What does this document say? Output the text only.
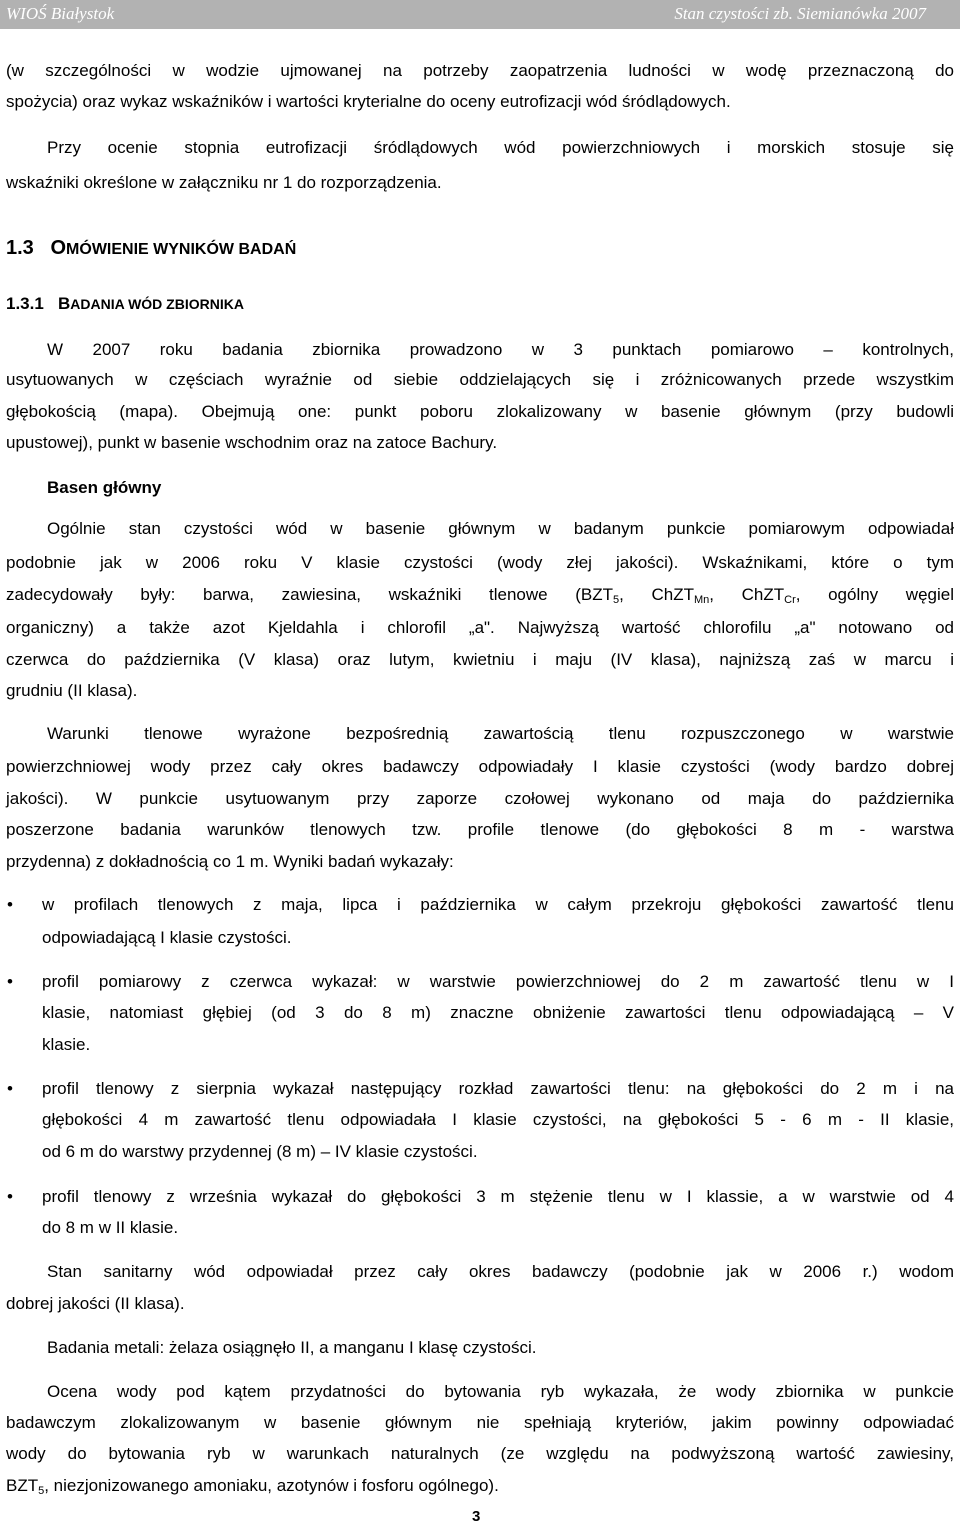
WIOŚ Białystok	Stan czystości zb. Siemianówka 2007
(w szczególności w wodzie ujmowanej na potrzeby zaopatrzenia ludności w wodę przeznaczoną do
spożycia) oraz wykaz wskaźników i wartości kryterialne do oceny eutrofizacji wód śródlądowych.
Przy ocenie stopnia eutrofizacji śródlądowych wód powierzchniowych i morskich stosuje się
wskaźniki określone w załączniku nr 1 do rozporządzenia.
1.3 OMÓWIENIE WYNIKÓW BADAŃ
1.3.1 BADANIA WÓD ZBIORNIKA
W 2007 roku badania zbiornika prowadzono w 3 punktach pomiarowo – kontrolnych,
usytuowanych w częściach wyraźnie od siebie oddzielających się i zróżnicowanych przede wszystkim
głębokością (mapa). Obejmują one: punkt poboru zlokalizowany w basenie głównym (przy budowli
upustowej), punkt w basenie wschodnim oraz na zatoce Bachury.
Basen główny
Ogólnie stan czystości wód w basenie głównym w badanym punkcie pomiarowym odpowiadał
podobnie jak w 2006 roku V klasie czystości (wody złej jakości). Wskaźnikami, które o tym
zadecydowały były: barwa, zawiesina, wskaźniki tlenowe ($BZT_5$, ChZT$_{Mn}$, ChZT$_{Cr}$, ogólny węgiel
organiczny) a także azot Kjeldahla i chlorofil „a". Najwyższą wartość chlorofilu „a" notowano od
czerwca do października (V klasa) oraz lutym, kwietniu i maju (IV klasa), najniższą zaś w marcu i
grudniu (II klasa).
Warunki tlenowe wyrażone bezpośrednią zawartością tlenu rozpuszczonego w warstwie
powierzchniowej wody przez cały okres badawczy odpowiadały I klasie czystości (wody bardzo dobrej
jakości). W punkcie usytuowanym przy zaporze czołowej wykonano od maja do października
poszerzone badania warunków tlenowych tzw. profile tlenowe (do głębokości 8 m - warstwa
przydenna) z dokładnością co 1 m. Wyniki badań wykazały:
• w profilach tlenowych z maja, lipca i października w całym przekroju głębokości zawartość tlenu
odpowiadającą I klasie czystości.
• profil pomiarowy z czerwca wykazał: w warstwie powierzchniowej do 2 m zawartość tlenu w I
klasie, natomiast głębiej (od 3 do 8 m) znaczne obniżenie zawartości tlenu odpowiadającą – V
klasie.
• profil tlenowy z sierpnia wykazał następujący rozkład zawartości tlenu: na głębokości do 2 m i na
głębokości 4 m zawartość tlenu odpowiadała I klasie czystości, na głębokości 5 - 6 m - II klasie,
od 6 m do warstwy przydennej (8 m) – IV klasie czystości.
• profil tlenowy z września wykazał do głębokości 3 m stężenie tlenu w I klassie, a w warstwie od 4
do 8 m w II klasie.
Stan sanitarny wód odpowiadał przez cały okres badawczy (podobnie jak w 2006 r.) wodom
dobrej jakości (II klasa).
Badania metali: żelaza osiągnęło II, a manganu I klasę czystości.
Ocena wody pod kątem przydatności do bytowania ryb wykazała, że wody zbiornika w punkcie
badawczym zlokalizowanym w basenie głównym nie spełniają kryteriów, jakim powinny odpowiadać
wody do bytowania ryb w warunkach naturalnych (ze względu na podwyższoną wartość zawiesiny,
$BZT_5$, niezjonizowanego amoniaku, azotynów i fosforu ogólnego).
3
